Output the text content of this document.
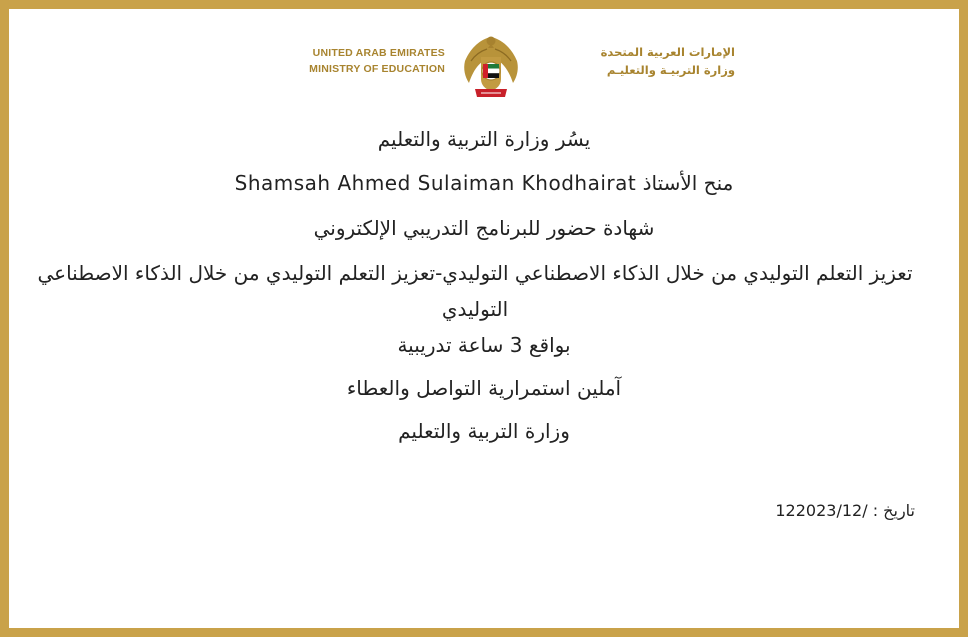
UNITED ARAB EMIRATES
MINISTRY OF EDUCATION
الإمارات العربية المتحدة
وزارة التربيـة والتعليـم
يسُر وزارة التربية والتعليم
منح الأستاذ Shamsah Ahmed Sulaiman Khodhairat
شهادة حضور للبرنامج التدريبي الإلكتروني
تعزيز التعلم التوليدي من خلال الذكاء الاصطناعي التوليدي-تعزيز التعلم التوليدي من خلال الذكاء الاصطناعي التوليدي
بواقع 3 ساعة تدريبية
آملين استمرارية التواصل والعطاء
وزارة التربية والتعليم
تاريخ : 122023/12/
